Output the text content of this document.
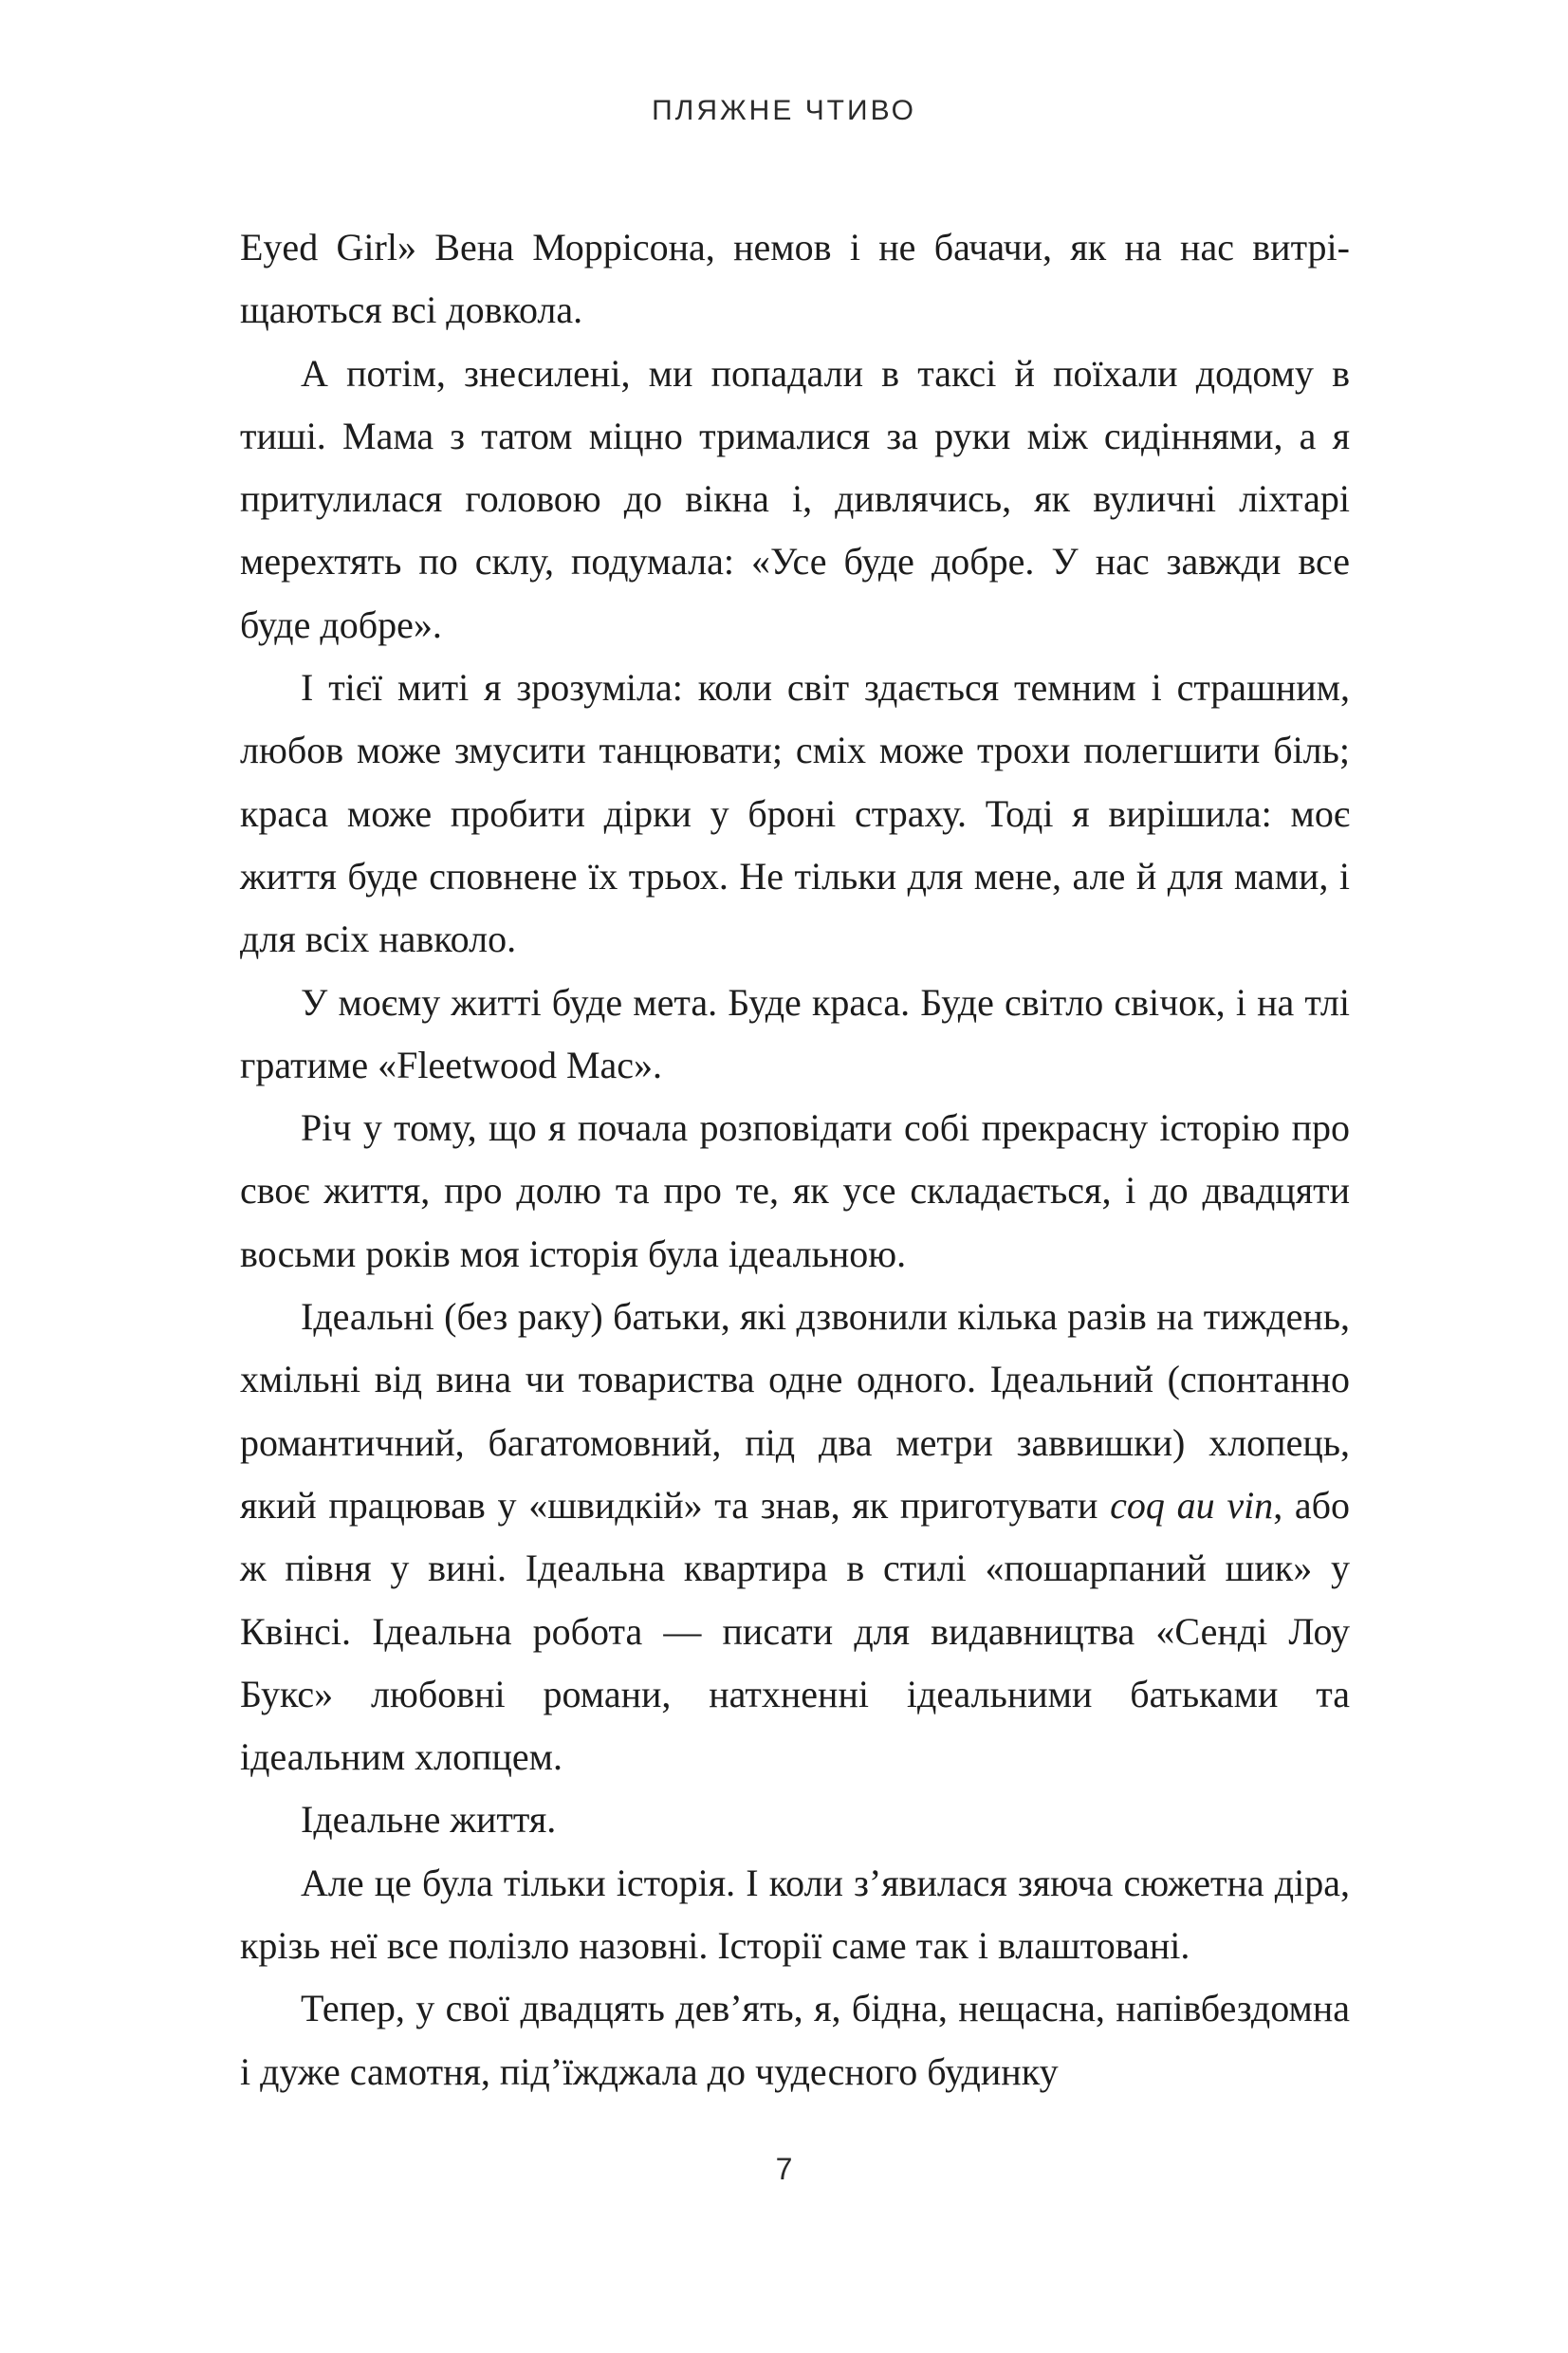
ПЛЯЖНЕ ЧТИВО

Eyed Girl» Вена Моррісона, немов і не бачачи, як на нас витріщаються всі довкола.

А потім, знесилені, ми попадали в таксі й поїхали додому в тиші. Мама з татом міцно трималися за руки між сидіннями, а я притулилася головою до вікна і, дивлячись, як вуличні ліхтарі мерехтять по склу, подумала: «Усе буде добре. У нас завжди все буде добре».

І тієї миті я зрозуміла: коли світ здається темним і страшним, любов може змусити танцювати; сміх може трохи полегшити біль; краса може пробити дірки у броні страху. Тоді я вирішила: моє життя буде сповнене їх трьох. Не тільки для мене, але й для мами, і для всіх навколо.

У моєму житті буде мета. Буде краса. Буде світло свічок, і на тлі гратиме «Fleetwood Mac».

Річ у тому, що я почала розповідати собі прекрасну історію про своє життя, про долю та про те, як усе складається, і до двадцяти восьми років моя історія була ідеальною.

Ідеальні (без раку) батьки, які дзвонили кілька разів на тиждень, хмільні від вина чи товариства одне одного. Ідеальний (спонтанно романтичний, багатомовний, під два метри заввишки) хлопець, який працював у «швидкій» та знав, як приготувати coq au vin, або ж півня у вині. Ідеальна квартира в стилі «пошарпаний шик» у Квінсі. Ідеальна робота — писати для видавництва «Сенді Лоу Букс» любовні романи, натхненні ідеальними батьками та ідеальним хлопцем.

Ідеальне життя.

Але це була тільки історія. І коли з’явилася зяюча сюжетна діра, крізь неї все полізло назовні. Історії саме так і влаштовані.

Тепер, у свої двадцять дев’ять, я, бідна, нещасна, напівбездомна і дуже самотня, під’їжджала до чудесного будинку

7
